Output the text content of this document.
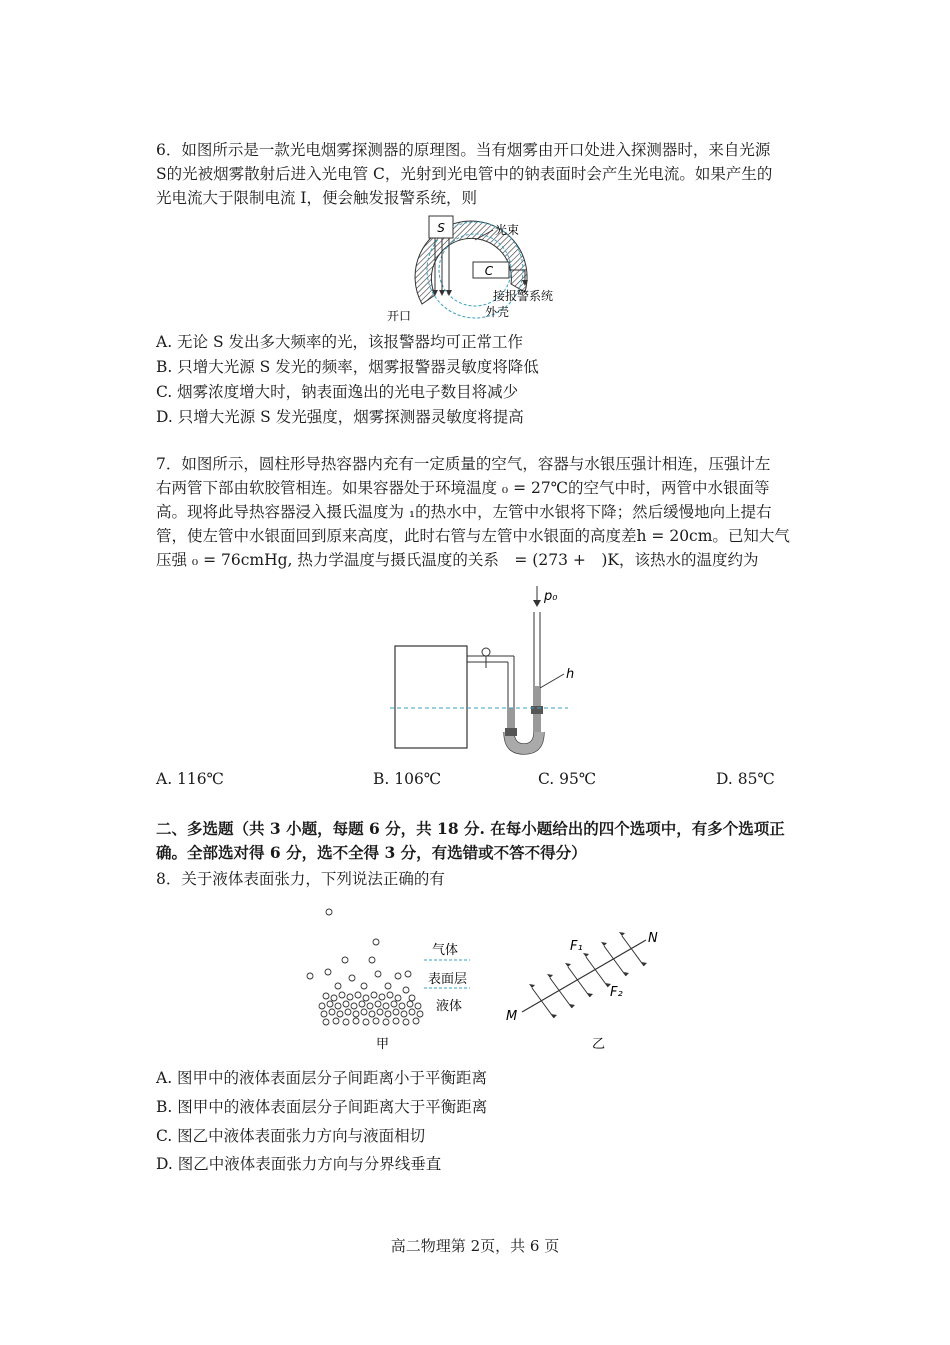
6．如图所示是一款光电烟雾探测器的原理图。当有烟雾由开口处进入探测器时，来自光源
S的光被烟雾散射后进入光电管 C，光射到光电管中的钠表面时会产生光电流。如果产生的
光电流大于限制电流 I，便会触发报警系统，则
S
C
光束
接报警系统
外壳
开口
A. 无论 S 发出多大频率的光，该报警器均可正常工作
B. 只增大光源 S 发光的频率，烟雾报警器灵敏度将降低
C. 烟雾浓度增大时，钠表面逸出的光电子数目将减少
D. 只增大光源 S 发光强度，烟雾探测器灵敏度将提高
7．如图所示，圆柱形导热容器内充有一定质量的空气，容器与水银压强计相连，压强计左
右两管下部由软胶管相连。如果容器处于环境温度 ₀ = 27℃的空气中时，两管中水银面等
高。现将此导热容器浸入摄氏温度为 ₁的热水中，左管中水银将下降；然后缓慢地向上提右
管，使左管中水银面回到原来高度，此时右管与左管中水银面的高度差h = 20cm。已知大气
压强 ₀ = 76cmHg, 热力学温度与摄氏温度的关系　= (273 +　)K，该热水的温度约为
p₀
h
A. 116℃	B. 106℃	C. 95℃	D. 85℃
二、多选题（共 3 小题，每题 6 分，共 18 分. 在每小题给出的四个选项中，有多个选项正
确。全部选对得 6 分，选不全得 3 分，有选错或不答不得分）
8．关于液体表面张力，下列说法正确的有
气体
表面层
液体
甲
F₁
F₂
M
N
乙
A. 图甲中的液体表面层分子间距离小于平衡距离
B. 图甲中的液体表面层分子间距离大于平衡距离
C. 图乙中液体表面张力方向与液面相切
D. 图乙中液体表面张力方向与分界线垂直
高二物理第 2页，共 6 页
